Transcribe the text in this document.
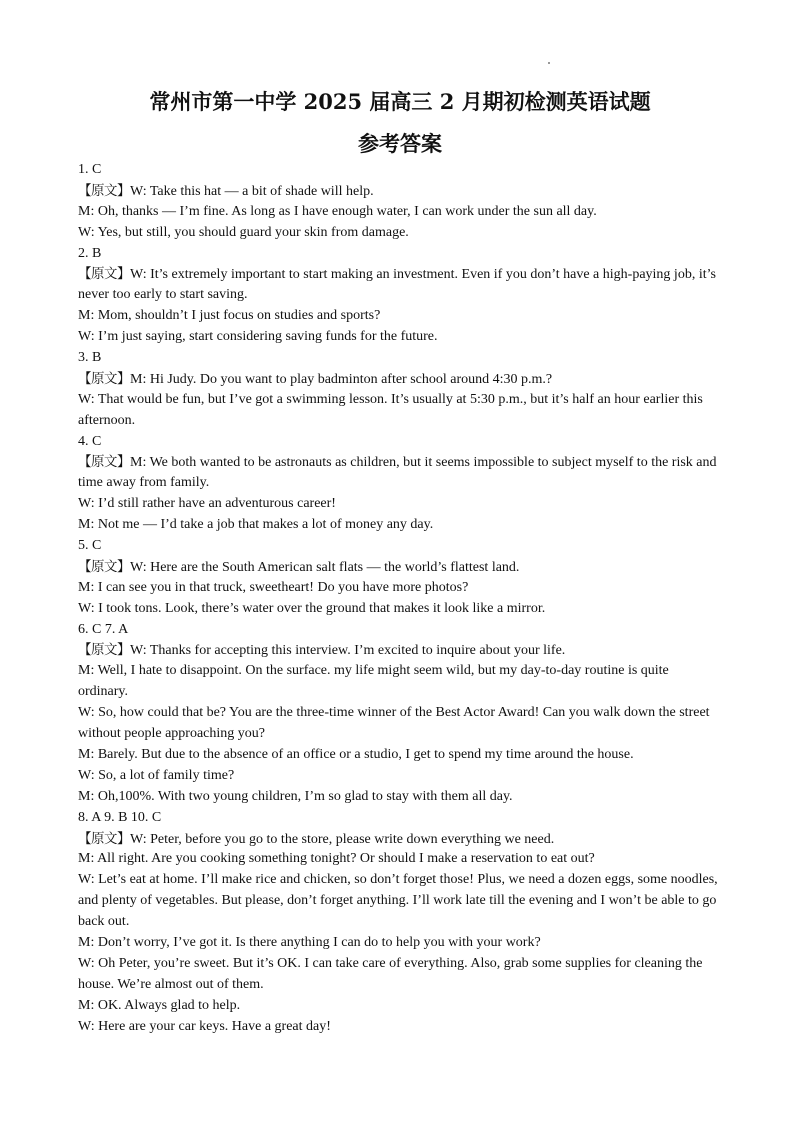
常州市第一中学 2025 届高三 2 月期初检测英语试题
参考答案
1. C
【原文】W: Take this hat — a bit of shade will help.
M: Oh, thanks — I’m fine. As long as I have enough water, I can work under the sun all day.
W: Yes, but still, you should guard your skin from damage.
2. B
【原文】W: It’s extremely important to start making an investment. Even if you don’t have a high-paying job, it’s
never too early to start saving.
M: Mom, shouldn’t I just focus on studies and sports?
W: I’m just saying, start considering saving funds for the future.
3. B
【原文】M: Hi Judy. Do you want to play badminton after school around 4:30 p.m.?
W: That would be fun, but I’ve got a swimming lesson. It’s usually at 5:30 p.m., but it’s half an hour earlier this
afternoon.
4. C
【原文】M: We both wanted to be astronauts as children, but it seems impossible to subject myself to the risk and
time away from family.
W: I’d still rather have an adventurous career!
M: Not me — I’d take a job that makes a lot of money any day.
5. C
【原文】W: Here are the South American salt flats — the world’s flattest land.
M: I can see you in that truck, sweetheart! Do you have more photos?
W: I took tons. Look, there’s water over the ground that makes it look like a mirror.
6. C 7. A
【原文】W: Thanks for accepting this interview. I’m excited to inquire about your life.
M: Well, I hate to disappoint. On the surface. my life might seem wild, but my day-to-day routine is quite
ordinary.
W: So, how could that be? You are the three-time winner of the Best Actor Award! Can you walk down the street
without people approaching you?
M: Barely. But due to the absence of an office or a studio, I get to spend my time around the house.
W: So, a lot of family time?
M: Oh,100%. With two young children, I’m so glad to stay with them all day.
8. A 9. B 10. C
【原文】W: Peter, before you go to the store, please write down everything we need.
M: All right. Are you cooking something tonight? Or should I make a reservation to eat out?
W: Let’s eat at home. I’ll make rice and chicken, so don’t forget those! Plus, we need a dozen eggs, some noodles,
and plenty of vegetables. But please, don’t forget anything. I’ll work late till the evening and I won’t be able to go
back out.
M: Don’t worry, I’ve got it. Is there anything I can do to help you with your work?
W: Oh Peter, you’re sweet. But it’s OK. I can take care of everything. Also, grab some supplies for cleaning the
house. We’re almost out of them.
M: OK. Always glad to help.
W: Here are your car keys. Have a great day!
